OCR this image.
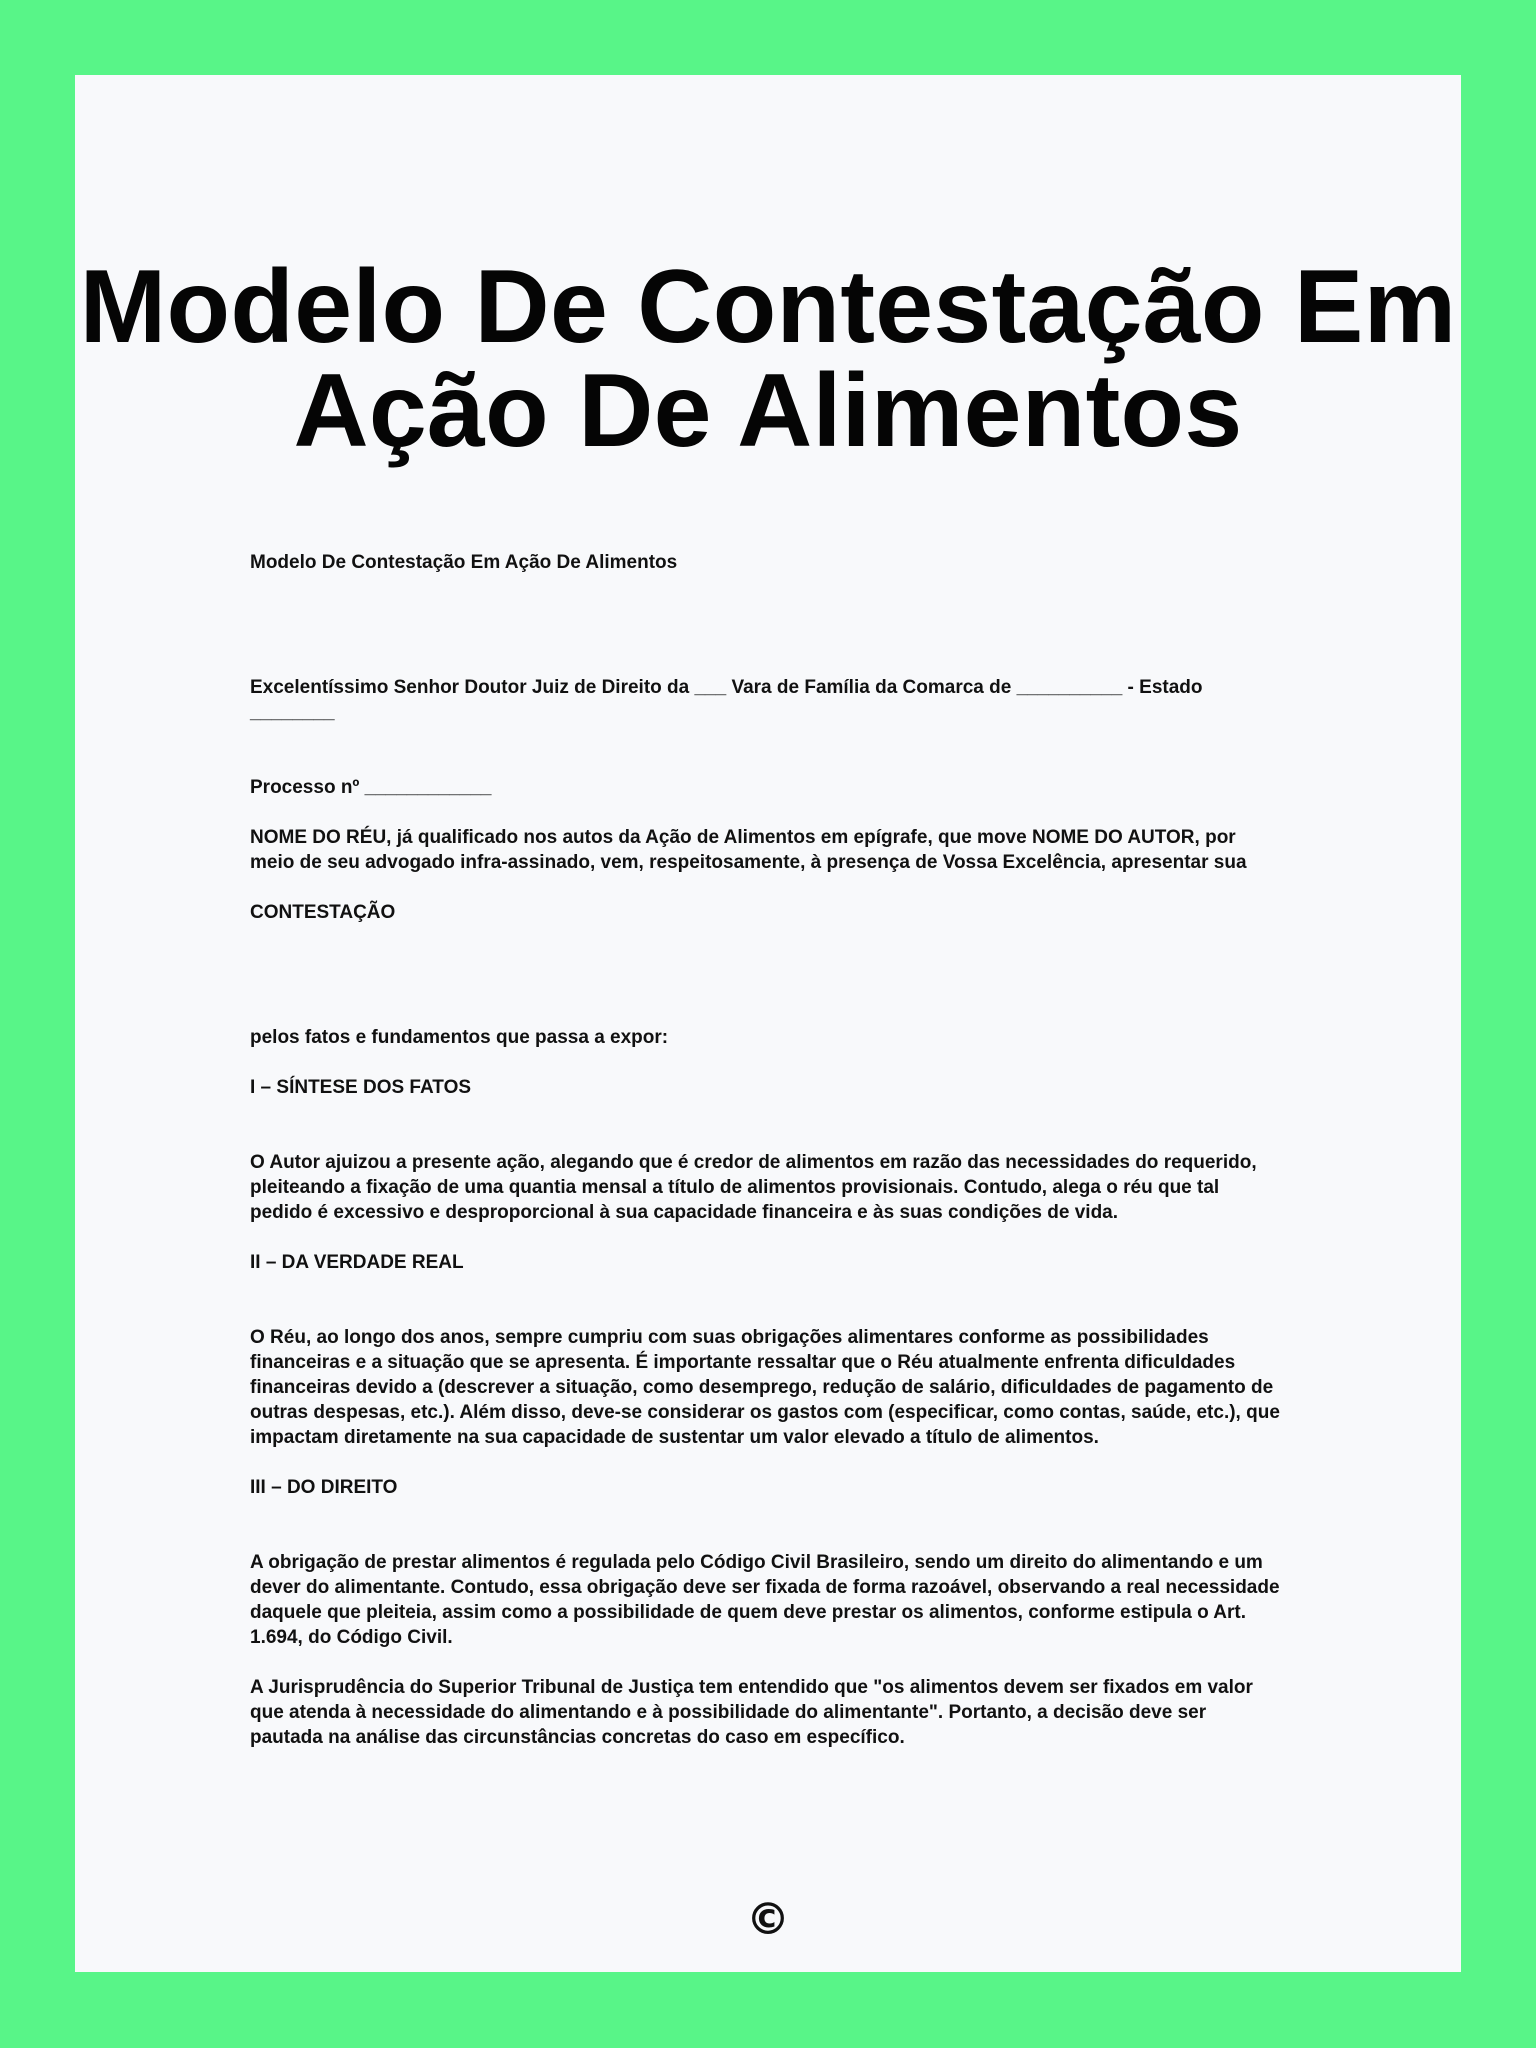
Modelo De Contestação Em Ação De Alimentos

Modelo De Contestação Em Ação De Alimentos

Excelentíssimo Senhor Doutor Juiz de Direito da ___ Vara de Família da Comarca de __________ - Estado ________

Processo nº ____________

NOME DO RÉU, já qualificado nos autos da Ação de Alimentos em epígrafe, que move NOME DO AUTOR, por meio de seu advogado infra-assinado, vem, respeitosamente, à presença de Vossa Excelência, apresentar sua

CONTESTAÇÃO

pelos fatos e fundamentos que passa a expor:

I – SÍNTESE DOS FATOS

O Autor ajuizou a presente ação, alegando que é credor de alimentos em razão das necessidades do requerido, pleiteando a fixação de uma quantia mensal a título de alimentos provisionais. Contudo, alega o réu que tal pedido é excessivo e desproporcional à sua capacidade financeira e às suas condições de vida.

II – DA VERDADE REAL

O Réu, ao longo dos anos, sempre cumpriu com suas obrigações alimentares conforme as possibilidades financeiras e a situação que se apresenta. É importante ressaltar que o Réu atualmente enfrenta dificuldades financeiras devido a (descrever a situação, como desemprego, redução de salário, dificuldades de pagamento de outras despesas, etc.). Além disso, deve-se considerar os gastos com (especificar, como contas, saúde, etc.), que impactam diretamente na sua capacidade de sustentar um valor elevado a título de alimentos.

III – DO DIREITO

A obrigação de prestar alimentos é regulada pelo Código Civil Brasileiro, sendo um direito do alimentando e um dever do alimentante. Contudo, essa obrigação deve ser fixada de forma razoável, observando a real necessidade daquele que pleiteia, assim como a possibilidade de quem deve prestar os alimentos, conforme estipula o Art. 1.694, do Código Civil.

A Jurisprudência do Superior Tribunal de Justiça tem entendido que "os alimentos devem ser fixados em valor que atenda à necessidade do alimentando e à possibilidade do alimentante". Portanto, a decisão deve ser pautada na análise das circunstâncias concretas do caso em específico.

©
